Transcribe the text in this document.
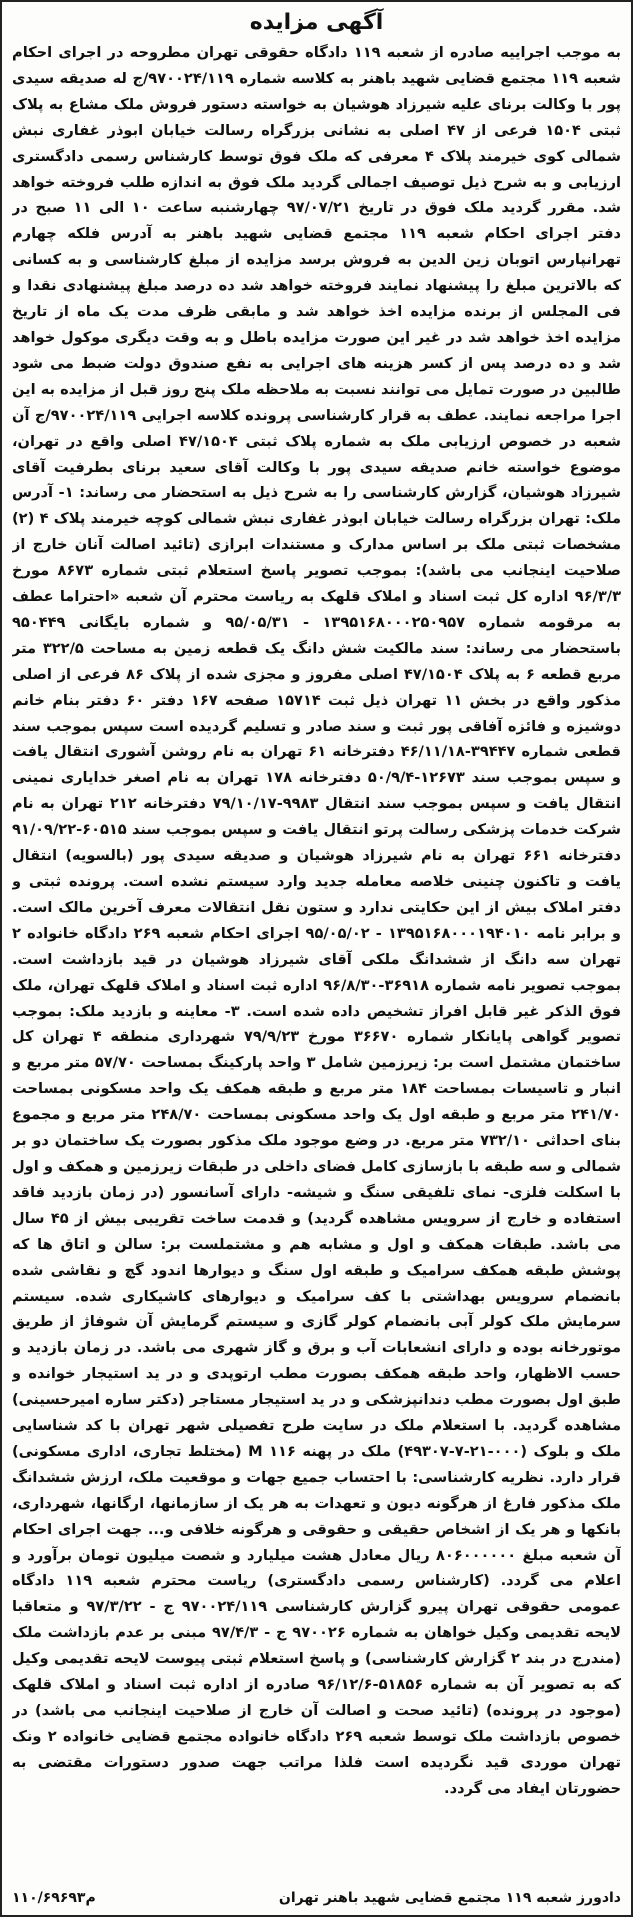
آگهی مزایده

به موجب اجراییه صادره از شعبه ۱۱۹ دادگاه حقوقی تهران مطروحه در اجرای احکام شعبه ۱۱۹ مجتمع قضایی شهید باهنر به کلاسه شماره ۹۷۰۰۲۴/۱۱۹/ج له صدیقه سیدی پور با وکالت برنای علیه شیرزاد هوشیان به خواسته دستور فروش ملک مشاع به پلاک ثبتی ۱۵۰۴ فرعی از ۴۷ اصلی به نشانی بزرگراه رسالت خیابان ابوذر غفاری نبش شمالی کوی خیرمند پلاک ۴ معرفی که ملک فوق توسط کارشناس رسمی دادگستری ارزیابی و به شرح ذیل توصیف اجمالی گردید ملک فوق به اندازه طلب فروخته خواهد شد. مقرر گردید ملک فوق در تاریخ ۹۷/۰۷/۲۱ چهارشنبه ساعت ۱۰ الی ۱۱ صبح در دفتر اجرای احکام شعبه ۱۱۹ مجتمع قضایی شهید باهنر به آدرس فلکه چهارم تهرانپارس اتوبان زین الدین به فروش برسد مزایده از مبلغ کارشناسی و به کسانی که بالاترین مبلغ را پیشنهاد نمایند فروخته خواهد شد ده درصد مبلغ پیشنهادی نقدا و فی المجلس از برنده مزایده اخذ خواهد شد و مابقی ظرف مدت یک ماه از تاریخ مزایده اخذ خواهد شد در غیر این صورت مزایده باطل و به وقت دیگری موکول خواهد شد و ده درصد پس از کسر هزینه های اجرایی به نفع صندوق دولت ضبط می شود طالبین در صورت تمایل می توانند نسبت به ملاحظه ملک پنج روز قبل از مزایده به این اجرا مراجعه نمایند. عطف به قرار کارشناسی پرونده کلاسه اجرایی ۹۷۰۰۲۴/۱۱۹/ج آن شعبه در خصوص ارزیابی ملک به شماره پلاک ثبتی ۴۷/۱۵۰۴ اصلی واقع در تهران، موضوع خواسته خانم صدیقه سیدی پور با وکالت آقای سعید برنای بطرفیت آقای شیرزاد هوشیان، گزارش کارشناسی را به شرح ذیل به استحضار می رساند: ۱- آدرس ملک: تهران بزرگراه رسالت خیابان ابوذر غفاری نبش شمالی کوچه خیرمند پلاک ۴ (۲) مشخصات ثبتی ملک بر اساس مدارک و مستندات ابرازی (تائید اصالت آنان خارج از صلاحیت اینجانب می باشد): بموجب تصویر پاسخ استعلام ثبتی شماره ۸۶۷۳ مورخ ۹۶/۳/۳ اداره کل ثبت اسناد و املاک قلهک به ریاست محترم آن شعبه «احتراما عطف به مرقومه شماره ۱۳۹۵۱۶۸۰۰۰۲۵۰۹۵۷ - ۹۵/۰۵/۳۱ و شماره بایگانی ۹۵۰۴۴۹ باستحضار می رساند: سند مالکیت شش دانگ یک قطعه زمین به مساحت ۳۲۲/۵ متر مربع قطعه ۶ به پلاک ۴۷/۱۵۰۴ اصلی مفروز و مجزی شده از پلاک ۸۶ فرعی از اصلی مذکور واقع در بخش ۱۱ تهران ذیل ثبت ۱۵۷۱۴ صفحه ۱۶۷ دفتر ۶۰ دفتر بنام خانم دوشیزه و فائزه آفاقی پور ثبت و سند صادر و تسلیم گردیده است سپس بموجب سند قطعی شماره ۳۹۴۴۷-۴۶/۱۱/۱۸ دفترخانه ۶۱ تهران به نام روشن آشوری انتقال یافت و سپس بموجب سند ۱۲۶۷۳-۵۰/۹/۴ دفترخانه ۱۷۸ تهران به نام اصغر خدایاری نمینی انتقال یافت و سپس بموجب سند انتقال ۹۹۸۳-۷۹/۱۰/۱۷ دفترخانه ۲۱۲ تهران به نام شرکت خدمات پزشکی رسالت پرتو انتقال یافت و سپس بموجب سند ۶۰۵۱۵-۹۱/۰۹/۲۲ دفترخانه ۶۶۱ تهران به نام شیرزاد هوشیان و صدیقه سیدی پور (بالسویه) انتقال یافت و تاکنون چنینی خلاصه معامله جدید وارد سیستم نشده است. پرونده ثبتی و دفتر املاک بیش از این حکایتی ندارد و ستون نقل انتقالات معرف آخرین مالک است. و برابر نامه ۱۳۹۵۱۶۸۰۰۰۱۹۴۰۱۰ - ۹۵/۰۵/۰۲ اجرای احکام شعبه ۲۶۹ دادگاه خانواده ۲ تهران سه دانگ از ششدانگ ملکی آقای شیرزاد هوشیان در قید بازداشت است. بموجب تصویر نامه شماره ۳۶۹۱۸-۹۶/۸/۳۰ اداره ثبت اسناد و املاک قلهک تهران، ملک فوق الذکر غیر قابل افراز تشخیص داده شده است. ۳- معاینه و بازدید ملک: بموجب تصویر گواهی پایانکار شماره ۳۶۶۷۰ مورخ ۷۹/۹/۲۳ شهرداری منطقه ۴ تهران کل ساختمان مشتمل است بر: زیرزمین شامل ۳ واحد پارکینگ بمساحت ۵۷/۷۰ متر مربع و انبار و تاسیسات بمساحت ۱۸۴ متر مربع و طبقه همکف یک واحد مسکونی بمساحت ۲۴۱/۷۰ متر مربع و طبقه اول یک واحد مسکونی بمساحت ۲۴۸/۷۰ متر مربع و مجموع بنای احداثی ۷۳۲/۱۰ متر مربع. در وضع موجود ملک مذکور بصورت یک ساختمان دو بر شمالی و سه طبقه با بازسازی کامل فضای داخلی در طبقات زیرزمین و همکف و اول با اسکلت فلزی- نمای تلفیقی سنگ و شیشه- دارای آسانسور (در زمان بازدید فاقد استفاده و خارج از سرویس مشاهده گردید) و قدمت ساخت تقریبی بیش از ۴۵ سال می باشد. طبقات همکف و اول و مشابه هم و مشتملست بر: سالن و اتاق ها که پوشش طبقه همکف سرامیک و طبقه اول سنگ و دیوارها اندود گچ و نقاشی شده بانضمام سرویس بهداشتی با کف سرامیک و دیوارهای کاشیکاری شده. سیستم سرمایش ملک کولر آبی بانضمام کولر گازی و سیستم گرمایش آن شوفاژ از طریق موتورخانه بوده و دارای انشعابات آب و برق و گاز شهری می باشد. در زمان بازدید و حسب الاظهار، واحد طبقه همکف بصورت مطب ارتوپدی و در ید استیجار خوانده و طبق اول بصورت مطب دندانپزشکی و در ید استیجار مستاجر (دکتر ساره امیرحسینی) مشاهده گردید. با استعلام ملک در سایت طرح تفصیلی شهر تهران با کد شناسایی ملک و بلوک (۰۰۰-۲۱-۷-۴۹۳۰۷) ملک در پهنه M ۱۱۶ (مختلط تجاری، اداری مسکونی) قرار دارد. نظریه کارشناسی: با احتساب جمیع جهات و موقعیت ملک، ارزش ششدانگ ملک مذکور فارغ از هرگونه دیون و تعهدات به هر یک از سازمانها، ارگانها، شهرداری، بانکها و هر یک از اشخاص حقیقی و حقوقی و هرگونه خلافی و... جهت اجرای احکام آن شعبه مبلغ ۸۰۶۰۰۰۰۰۰ ریال معادل هشت میلیارد و شصت میلیون تومان برآورد و اعلام می گردد. (کارشناس رسمی دادگستری) ریاست محترم شعبه ۱۱۹ دادگاه عمومی حقوقی تهران پیرو گزارش کارشناسی ۹۷۰۰۲۴/۱۱۹ ج - ۹۷/۳/۲۲ و متعاقبا لایحه تقدیمی وکیل خواهان به شماره ۹۷۰۰۲۶ ج - ۹۷/۴/۳ مبنی بر عدم بازداشت ملک (مندرج در بند ۲ گزارش کارشناسی) و پاسخ استعلام ثبتی پیوست لایحه تقدیمی وکیل که به تصویر آن به شماره ۵۱۸۵۶-۹۶/۱۲/۶ صادره از اداره ثبت اسناد و املاک قلهک (موجود در پرونده) (تائید صحت و اصالت آن خارج از صلاحیت اینجانب می باشد) در خصوص بازداشت ملک توسط شعبه ۲۶۹ دادگاه خانواده مجتمع قضایی خانواده ۲ ونک تهران موردی قید نگردیده است فلذا مراتب جهت صدور دستورات مقتضی به حضورتان ایفاد می گردد.

دادورز شعبه ۱۱۹ مجتمع قضایی شهید باهنر تهران
۱۱۰/۶۹۶۹۳م
